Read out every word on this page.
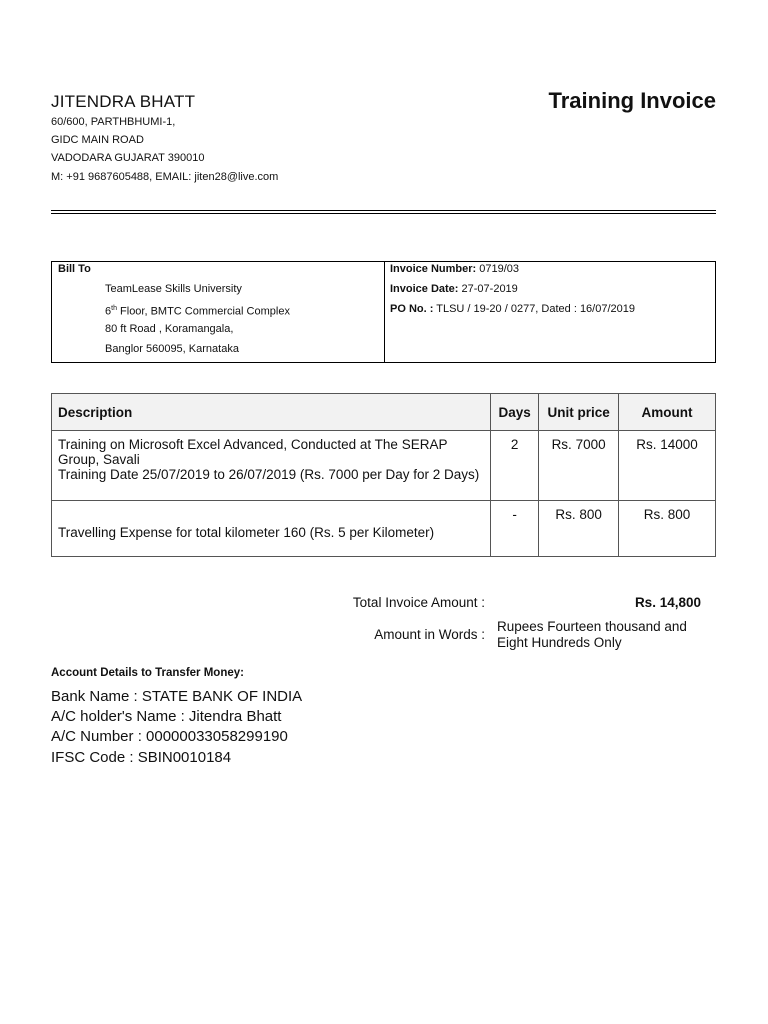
JITENDRA BHATT	Training Invoice
60/600, PARTHBHUMI-1,
GIDC MAIN ROAD
VADODARA GUJARAT 390010
M: +91 9687605488, EMAIL: jiten28@live.com
Bill To
TeamLease Skills University
6th Floor, BMTC Commercial Complex
80 ft Road , Koramangala,
Banglor 560095, Karnataka
Invoice Number: 0719/03
Invoice Date: 27-07-2019
PO No. : TLSU / 19-20 / 0277, Dated : 16/07/2019
Description	Days	Unit price	Amount

Training on Microsoft Excel Advanced, Conducted at The SERAP Group, Savali
Training Date 25/07/2019 to 26/07/2019 (Rs. 7000 per Day for 2 Days)	2	Rs. 7000	Rs. 14000

Travelling Expense for total kilometer 160 (Rs. 5 per Kilometer)	-	Rs. 800	Rs. 800
Total Invoice Amount :	Rs. 14,800
Amount in Words :
Rupees Fourteen thousand and Eight Hundreds Only
Account Details to Transfer Money:
Bank Name : STATE BANK OF INDIA
A/C holder's Name : Jitendra Bhatt
A/C Number : 00000033058299190
IFSC Code : SBIN0010184
